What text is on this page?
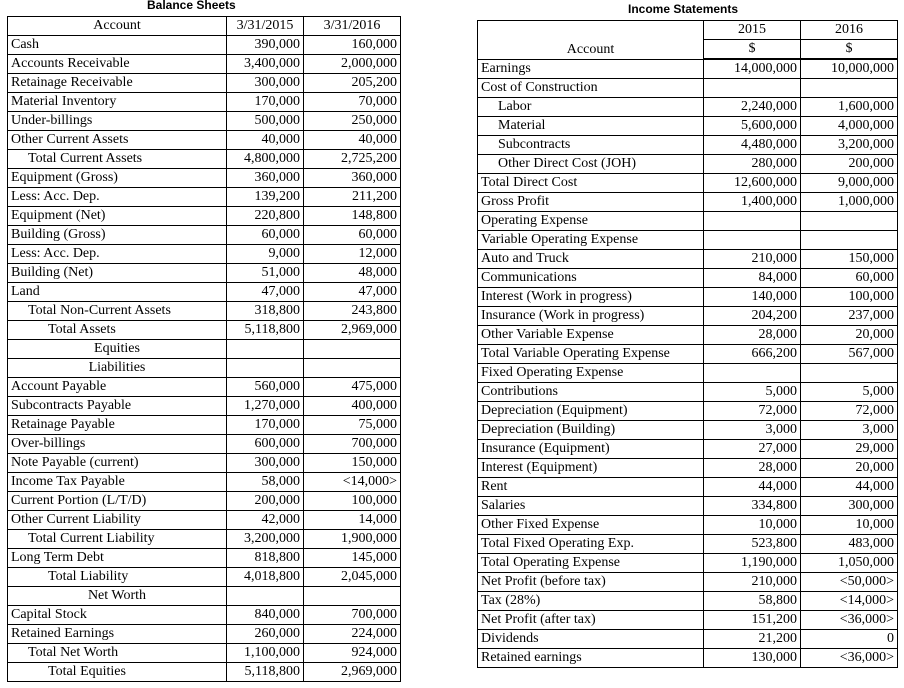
Balance Sheets
Account	3/31/2015	3/31/2016
Cash	390,000	160,000
Accounts Receivable	3,400,000	2,000,000
Retainage Receivable	300,000	205,200
Material Inventory	170,000	70,000
Under-billings	500,000	250,000
Other Current Assets	40,000	40,000
Total Current Assets	4,800,000	2,725,200
Equipment (Gross)	360,000	360,000
Less: Acc. Dep.	139,200	211,200
Equipment (Net)	220,800	148,800
Building (Gross)	60,000	60,000
Less: Acc. Dep.	9,000	12,000
Building (Net)	51,000	48,000
Land	47,000	47,000
Total Non-Current Assets	318,800	243,800
Total Assets	5,118,800	2,969,000
Equities		
Liabilities		
Account Payable	560,000	475,000
Subcontracts Payable	1,270,000	400,000
Retainage Payable	170,000	75,000
Over-billings	600,000	700,000
Note Payable (current)	300,000	150,000
Income Tax Payable	58,000	<14,000>
Current Portion (L/T/D)	200,000	100,000
Other Current Liability	42,000	14,000
Total Current Liability	3,200,000	1,900,000
Long Term Debt	818,800	145,000
Total Liability	4,018,800	2,045,000
Net Worth		
Capital Stock	840,000	700,000
Retained Earnings	260,000	224,000
Total Net Worth	1,100,000	924,000
Total Equities	5,118,800	2,969,000
Income Statements
Account	2015	2016
	$	$

Earnings	14,000,000	10,000,000
Cost of Construction		
Labor	2,240,000	1,600,000
Material	5,600,000	4,000,000
Subcontracts	4,480,000	3,200,000
Other Direct Cost (JOH)	280,000	200,000
Total Direct Cost	12,600,000	9,000,000
Gross Profit	1,400,000	1,000,000
Operating Expense		
Variable Operating Expense		
Auto and Truck	210,000	150,000
Communications	84,000	60,000
Interest (Work in progress)	140,000	100,000
Insurance (Work in progress)	204,200	237,000
Other Variable Expense	28,000	20,000
Total Variable Operating Expense	666,200	567,000
Fixed Operating Expense		
Contributions	5,000	5,000
Depreciation (Equipment)	72,000	72,000
Depreciation (Building)	3,000	3,000
Insurance (Equipment)	27,000	29,000
Interest (Equipment)	28,000	20,000
Rent	44,000	44,000
Salaries	334,800	300,000
Other Fixed Expense	10,000	10,000
Total Fixed Operating Exp.	523,800	483,000
Total Operating Expense	1,190,000	1,050,000
Net Profit (before tax)	210,000	<50,000>
Tax (28%)	58,800	<14,000>
Net Profit (after tax)	151,200	<36,000>
Dividends	21,200	0
Retained earnings	130,000	<36,000>
